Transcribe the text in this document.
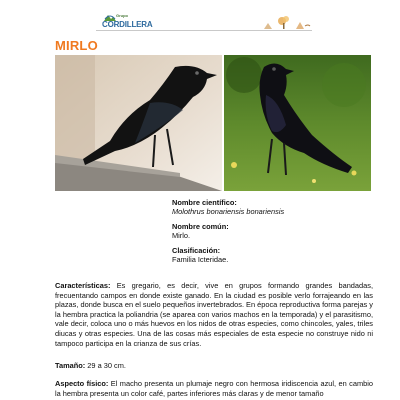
Grupo
CORDILLERA
MIRLO
Nombre científico:
Molothrus bonariensis bonariensis
Nombre común:
Mirlo.
Clasificación:
Familia Icteridae.
Características: Es gregario, es decir, vive en grupos formando grandes bandadas, frecuentando campos en donde existe ganado. En la ciudad es posible verlo forrajeando en las plazas, donde busca en el suelo pequeños invertebrados. En época reproductiva forma parejas y la hembra practica la poliandria (se aparea con varios machos en la temporada) y el parasitismo, vale decir, coloca uno o más huevos en los nidos de otras especies, como chincoles, yales, triles diucas y otras especies. Una de las cosas más especiales de esta especie no construye nido ni tampoco participa en la crianza de sus crías.
Tamaño: 29 a 30 cm.
Aspecto físico: El macho presenta un plumaje negro con hermosa iridiscencia azul, en cambio la hembra presenta un color café, partes inferiores más claras y de menor tamaño
